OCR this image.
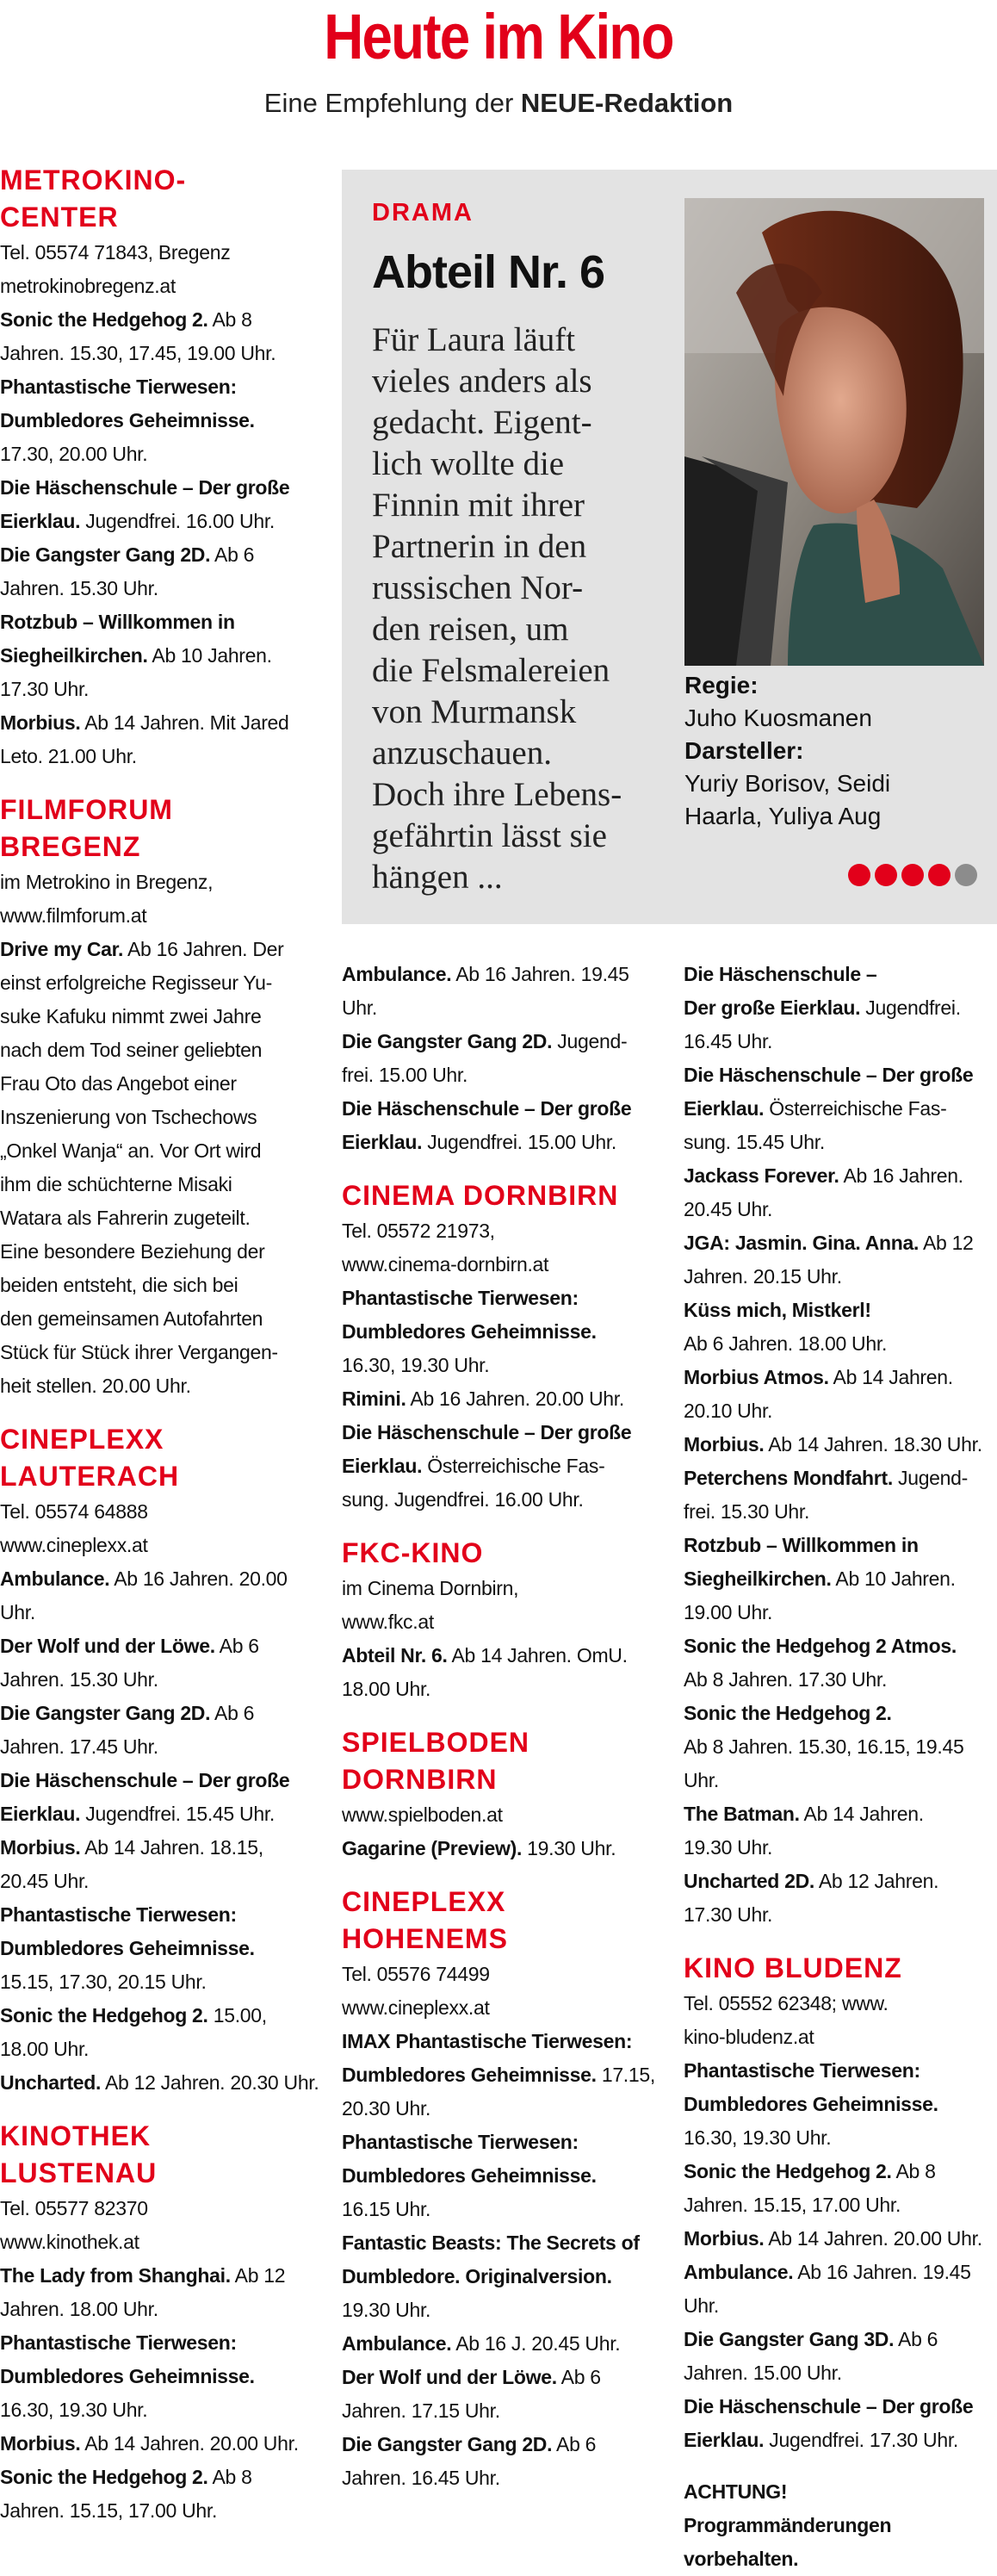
Heute im Kino
Eine Empfehlung der NEUE-Redaktion
METROKINO-
CENTER

Tel. 05574 71843, Bregenz

metrokinobregenz.at

Sonic the Hedgehog 2. Ab 8

Jahren. 15.30, 17.45, 19.00 Uhr.

Phantastische Tierwesen:

Dumbledores Geheimnisse.

17.30, 20.00 Uhr.

Die Häschenschule – Der große

Eierklau. Jugendfrei. 16.00 Uhr.

Die Gangster Gang 2D. Ab 6

Jahren. 15.30 Uhr.

Rotzbub – Willkommen in

Siegheilkirchen. Ab 10 Jahren.

17.30 Uhr.

Morbius. Ab 14 Jahren. Mit Jared

Leto. 21.00 Uhr.

FILMFORUM
BREGENZ

im Metrokino in Bregenz,

www.filmforum.at

Drive my Car. Ab 16 Jahren. Der

einst erfolgreiche Regisseur Yu-

suke Kafuku nimmt zwei Jahre

nach dem Tod seiner geliebten

Frau Oto das Angebot einer

Inszenierung von Tschechows

„Onkel Wanja“ an. Vor Ort wird

ihm die schüchterne Misaki

Watara als Fahrerin zugeteilt.

Eine besondere Beziehung der

beiden entsteht, die sich bei

den gemeinsamen Autofahrten

Stück für Stück ihrer Vergangen-

heit stellen. 20.00 Uhr.

CINEPLEXX
LAUTERACH

Tel. 05574 64888

www.cineplexx.at

Ambulance. Ab 16 Jahren. 20.00

Uhr.

Der Wolf und der Löwe. Ab 6

Jahren. 15.30 Uhr.

Die Gangster Gang 2D. Ab 6

Jahren. 17.45 Uhr.

Die Häschenschule – Der große

Eierklau. Jugendfrei. 15.45 Uhr.

Morbius. Ab 14 Jahren. 18.15,

20.45 Uhr.

Phantastische Tierwesen:

Dumbledores Geheimnisse.

15.15, 17.30, 20.15 Uhr.

Sonic the Hedgehog 2. 15.00,

18.00 Uhr.

Uncharted. Ab 12 Jahren. 20.30 Uhr.

KINOTHEK
LUSTENAU

Tel. 05577 82370

www.kinothek.at

The Lady from Shanghai. Ab 12

Jahren. 18.00 Uhr.

Phantastische Tierwesen:

Dumbledores Geheimnisse.

16.30, 19.30 Uhr.

Morbius. Ab 14 Jahren. 20.00 Uhr.

Sonic the Hedgehog 2. Ab 8

Jahren. 15.15, 17.00 Uhr.

DRAMA
Abteil Nr. 6
Für Laura läuft
vieles anders als
gedacht. Eigent-
lich wollte die
Finnin mit ihrer
Partnerin in den
russischen Nor-
den reisen, um
die Felsmalereien
von Murmansk
anzuschauen.
Doch ihre Lebens-
gefährtin lässt sie
hängen ...
Regie:
Juho Kuosmanen
Darsteller:
Yuriy Borisov, Seidi
Haarla, Yuliya Aug

Ambulance. Ab 16 Jahren. 19.45

Uhr.

Die Gangster Gang 2D. Jugend-

frei. 15.00 Uhr.

Die Häschenschule – Der große

Eierklau. Jugendfrei. 15.00 Uhr.

CINEMA DORNBIRN

Tel. 05572 21973,

www.cinema-dornbirn.at

Phantastische Tierwesen:

Dumbledores Geheimnisse.

16.30, 19.30 Uhr.

Rimini. Ab 16 Jahren. 20.00 Uhr.

Die Häschenschule – Der große

Eierklau. Österreichische Fas-

sung. Jugendfrei. 16.00 Uhr.

FKC-KINO

im Cinema Dornbirn,

www.fkc.at

Abteil Nr. 6. Ab 14 Jahren. OmU.

18.00 Uhr.

SPIELBODEN
DORNBIRN

www.spielboden.at

Gagarine (Preview). 19.30 Uhr.

CINEPLEXX
HOHENEMS

Tel. 05576 74499

www.cineplexx.at

IMAX Phantastische Tierwesen:

Dumbledores Geheimnisse. 17.15,

20.30 Uhr.

Phantastische Tierwesen:

Dumbledores Geheimnisse.

16.15 Uhr.

Fantastic Beasts: The Secrets of

Dumbledore. Originalversion.

19.30 Uhr.

Ambulance. Ab 16 J. 20.45 Uhr.

Der Wolf und der Löwe. Ab 6

Jahren. 17.15 Uhr.

Die Gangster Gang 2D. Ab 6

Jahren. 16.45 Uhr.

Die Häschenschule –

Der große Eierklau. Jugendfrei.

16.45 Uhr.

Die Häschenschule – Der große

Eierklau. Österreichische Fas-

sung. 15.45 Uhr.

Jackass Forever. Ab 16 Jahren.

20.45 Uhr.

JGA: Jasmin. Gina. Anna. Ab 12

Jahren. 20.15 Uhr.

Küss mich, Mistkerl!

Ab 6 Jahren. 18.00 Uhr.

Morbius Atmos. Ab 14 Jahren.

20.10 Uhr.

Morbius. Ab 14 Jahren. 18.30 Uhr.

Peterchens Mondfahrt. Jugend-

frei. 15.30 Uhr.

Rotzbub – Willkommen in

Siegheilkirchen. Ab 10 Jahren.

19.00 Uhr.

Sonic the Hedgehog 2 Atmos.

Ab 8 Jahren. 17.30 Uhr.

Sonic the Hedgehog 2.

Ab 8 Jahren. 15.30, 16.15, 19.45 Uhr.

The Batman. Ab 14 Jahren.

19.30 Uhr.

Uncharted 2D. Ab 12 Jahren.

17.30 Uhr.

KINO BLUDENZ

Tel. 05552 62348; www.

kino-bludenz.at

Phantastische Tierwesen:

Dumbledores Geheimnisse.

16.30, 19.30 Uhr.

Sonic the Hedgehog 2. Ab 8

Jahren. 15.15, 17.00 Uhr.

Morbius. Ab 14 Jahren. 20.00 Uhr.

Ambulance. Ab 16 Jahren. 19.45

Uhr.

Die Gangster Gang 3D. Ab 6

Jahren. 15.00 Uhr.

Die Häschenschule – Der große

Eierklau. Jugendfrei. 17.30 Uhr.

ACHTUNG!

Programmänderungen

vorbehalten.
